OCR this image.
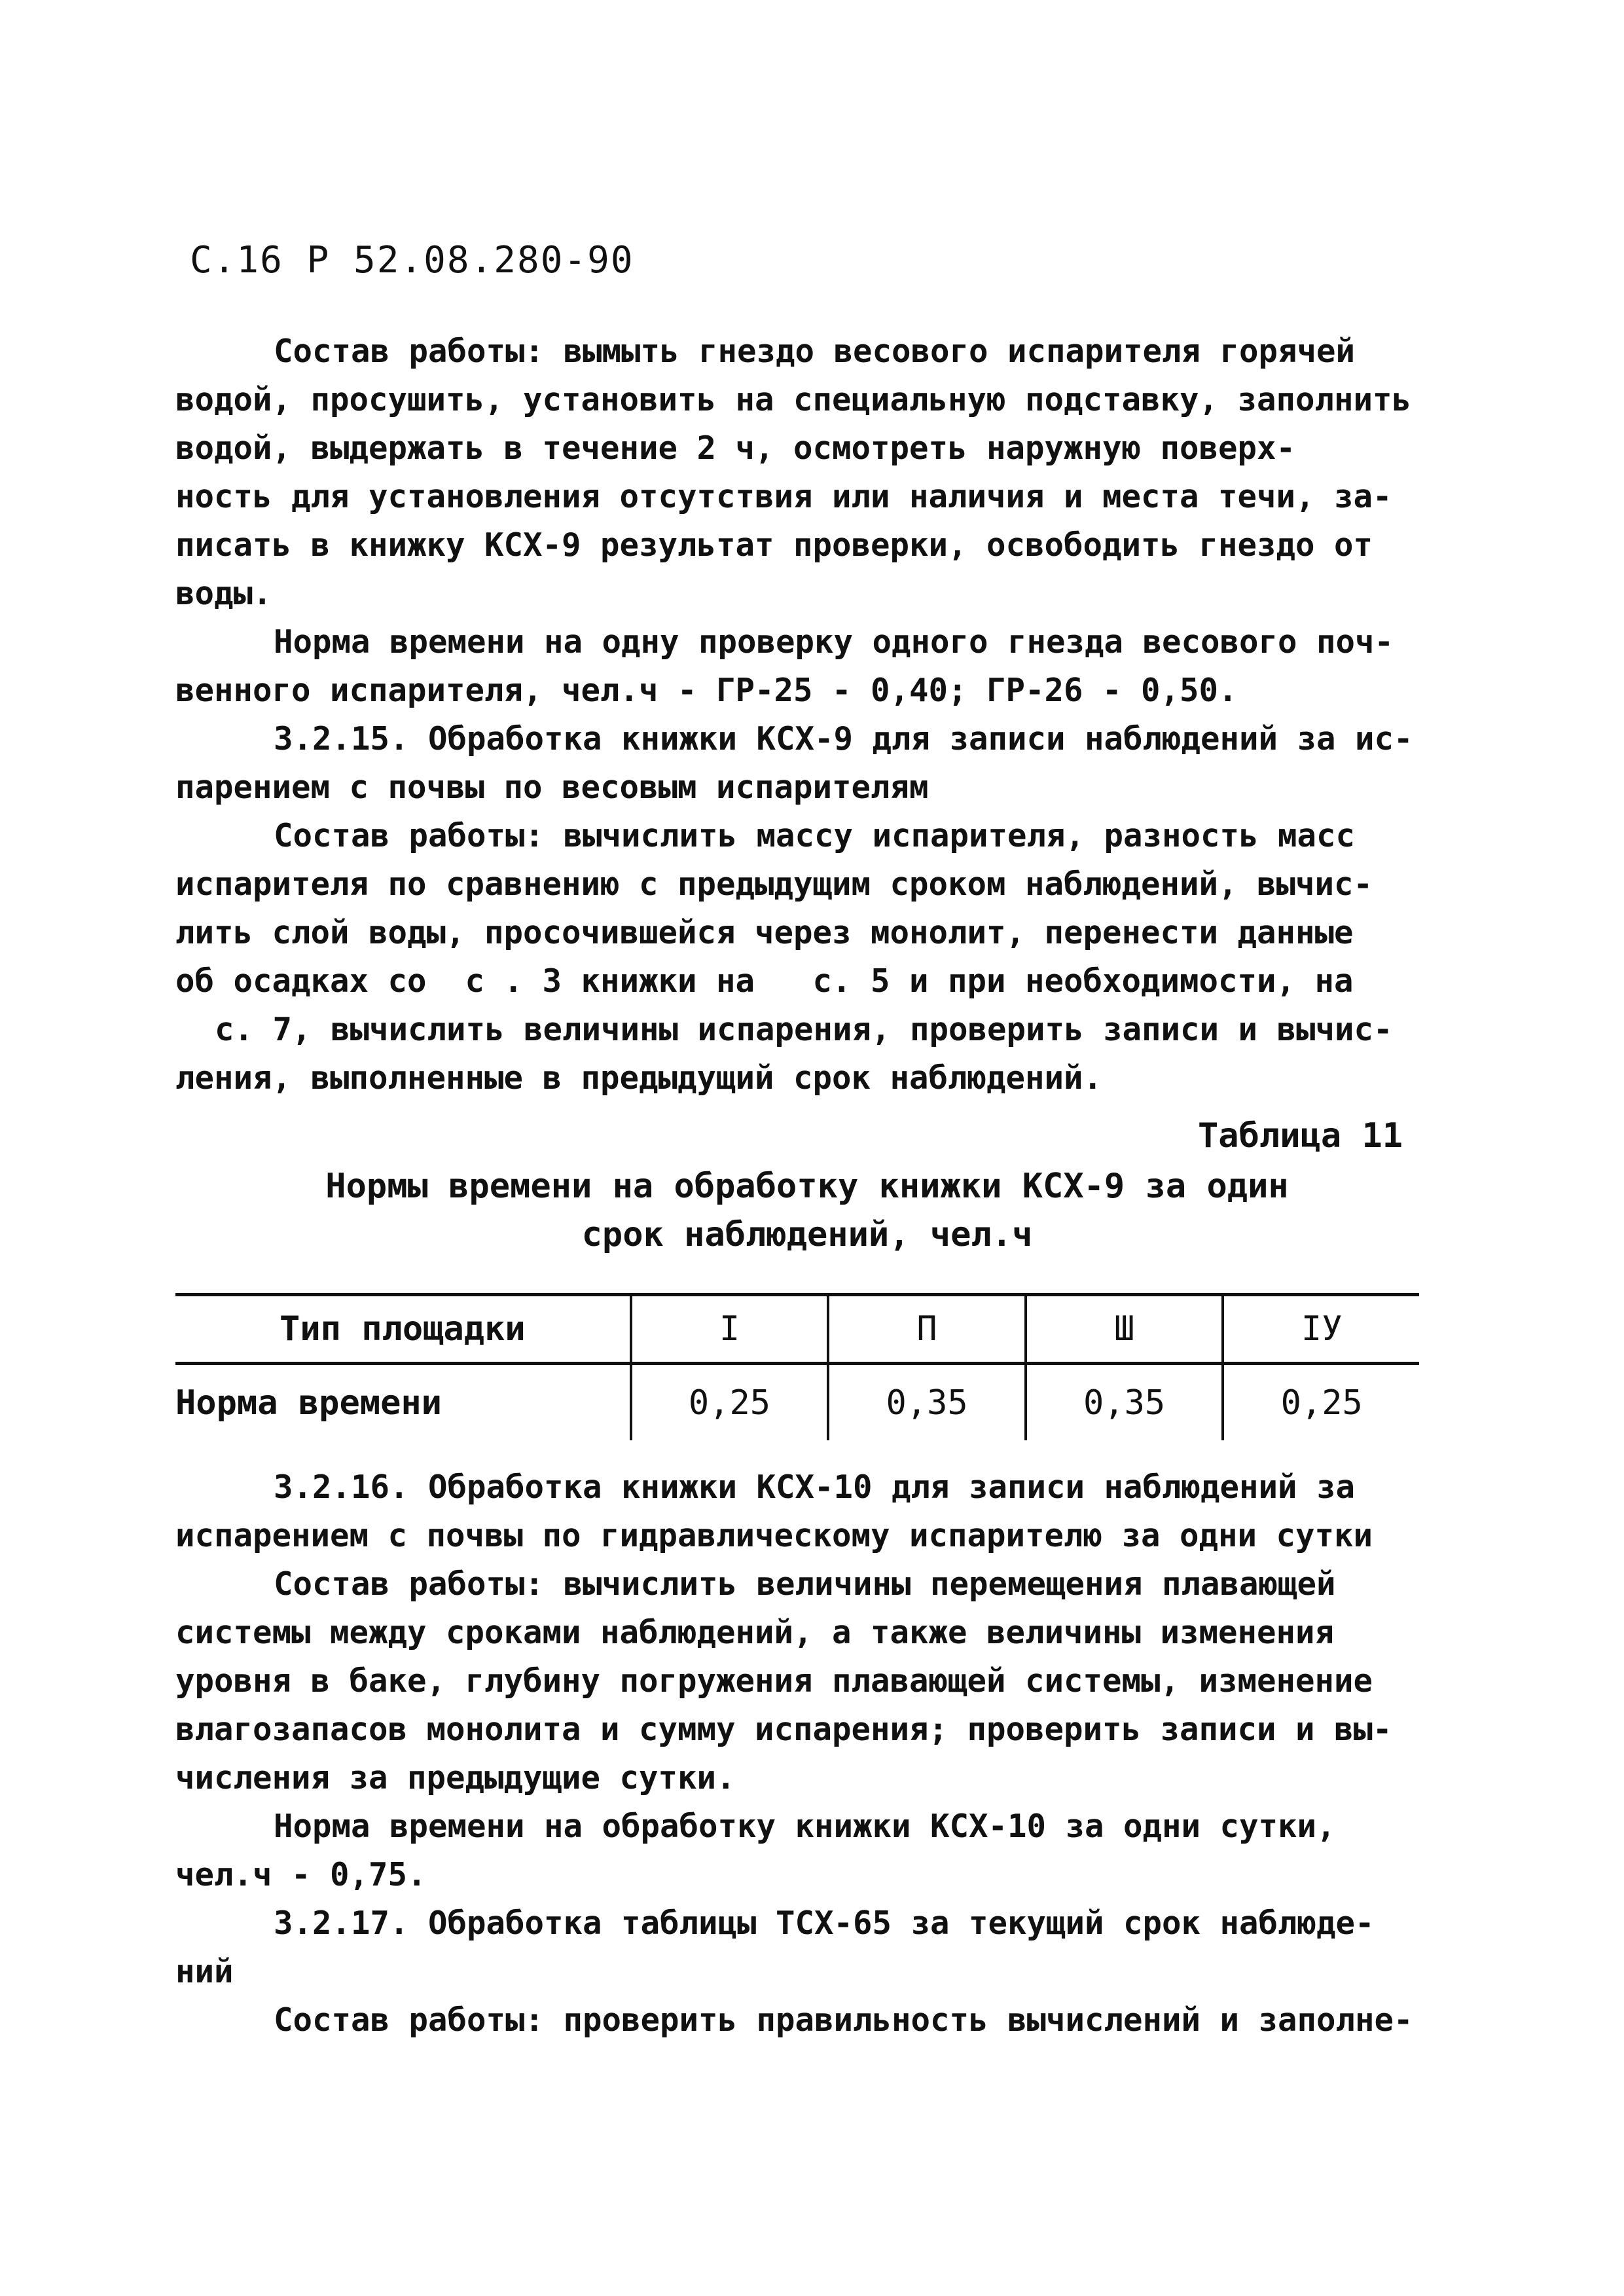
С.16 Р 52.08.280-90
Состав работы: вымыть гнездо весового испарителя горячей
водой, просушить, установить на специальную подставку, заполнить
водой, выдержать в течение 2 ч, осмотреть наружную поверх-
ность для установления отсутствия или наличия и места течи, за-
писать в книжку КСХ-9 результат проверки, освободить гнездо от
воды.
Норма времени на одну проверку одного гнезда весового поч-
венного испарителя, чел.ч - ГР-25 - 0,40; ГР-26 - 0,50.
3.2.15. Обработка книжки КСХ-9 для записи наблюдений за ис-
парением с почвы по весовым испарителям
Состав работы: вычислить массу испарителя, разность масс
испарителя по сравнению с предыдущим сроком наблюдений, вычис-
лить слой воды, просочившейся через монолит, перенести данные
об осадках со  с . 3 книжки на   с. 5 и при необходимости, на
с. 7, вычислить величины испарения, проверить записи и вычис-
ления, выполненные в предыдущий срок наблюдений.
Таблица 11
Нормы времени на обработку книжки КСХ-9 за один
срок наблюдений, чел.ч
Тип площадки	I	П	Ш	IУ
Норма времени	0,25	0,35	0,35	0,25
3.2.16. Обработка книжки КСХ-10 для записи наблюдений за
испарением с почвы по гидравлическому испарителю за одни сутки
Состав работы: вычислить величины перемещения плавающей
системы между сроками наблюдений, а также величины изменения
уровня в баке, глубину погружения плавающей системы, изменение
влагозапасов монолита и сумму испарения; проверить записи и вы-
числения за предыдущие сутки.
Норма времени на обработку книжки КСХ-10 за одни сутки,
чел.ч - 0,75.
3.2.17. Обработка таблицы ТСХ-65 за текущий срок наблюде-
ний
Состав работы: проверить правильность вычислений и заполне-
